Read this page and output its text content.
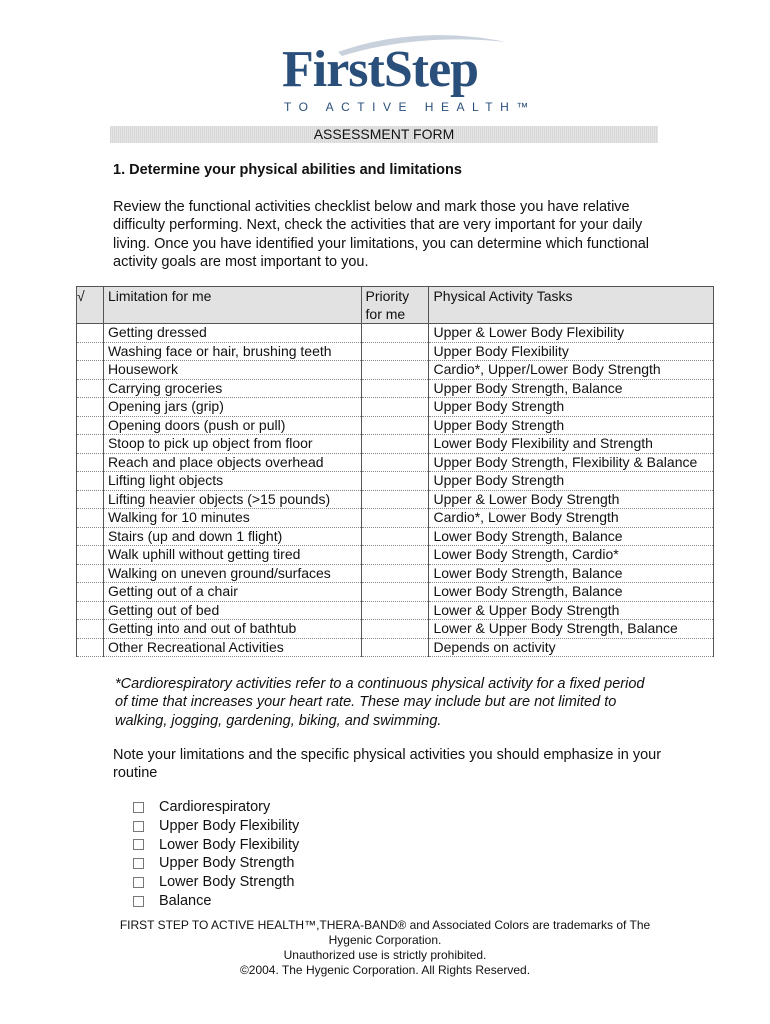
FirstStep
TO ACTIVE HEALTH™
ASSESSMENT FORM
1. Determine your physical abilities and limitations
Review the functional activities checklist below and mark those you have relative difficulty performing. Next, check the activities that are very important for your daily living. Once you have identified your limitations, you can determine which functional activity goals are most important to you.
√	Limitation for me	Priority for me	Physical Activity Tasks
	Getting dressed		Upper & Lower Body Flexibility
	Washing face or hair, brushing teeth		Upper Body Flexibility
	Housework		Cardio*, Upper/Lower Body Strength
	Carrying groceries		Upper Body Strength, Balance
	Opening jars (grip)		Upper Body Strength
	Opening doors (push or pull)		Upper Body Strength
	Stoop to pick up object from floor		Lower Body Flexibility and Strength
	Reach and place objects overhead		Upper Body Strength, Flexibility & Balance
	Lifting light objects		Upper Body Strength
	Lifting heavier objects (>15 pounds)		Upper & Lower Body Strength
	Walking for 10 minutes		Cardio*, Lower Body Strength
	Stairs (up and down 1 flight)		Lower Body Strength, Balance
	Walk uphill without getting tired		Lower Body Strength, Cardio*
	Walking on uneven ground/surfaces		Lower Body Strength, Balance
	Getting out of a chair		Lower Body Strength, Balance
	Getting out of bed		Lower & Upper Body Strength
	Getting into and out of bathtub		Lower & Upper Body Strength, Balance
	Other Recreational Activities		Depends on activity
*Cardiorespiratory activities refer to a continuous physical activity for a fixed period of time that increases your heart rate. These may include but are not limited to walking, jogging, gardening, biking, and swimming.
Note your limitations and the specific physical activities you should emphasize in your routine
Cardiorespiratory
Upper Body Flexibility
Lower Body Flexibility
Upper Body Strength
Lower Body Strength
Balance
FIRST STEP TO ACTIVE HEALTH™,THERA-BAND® and Associated Colors are trademarks of The Hygenic Corporation.
Unauthorized use is strictly prohibited.
©2004. The Hygenic Corporation. All Rights Reserved.
